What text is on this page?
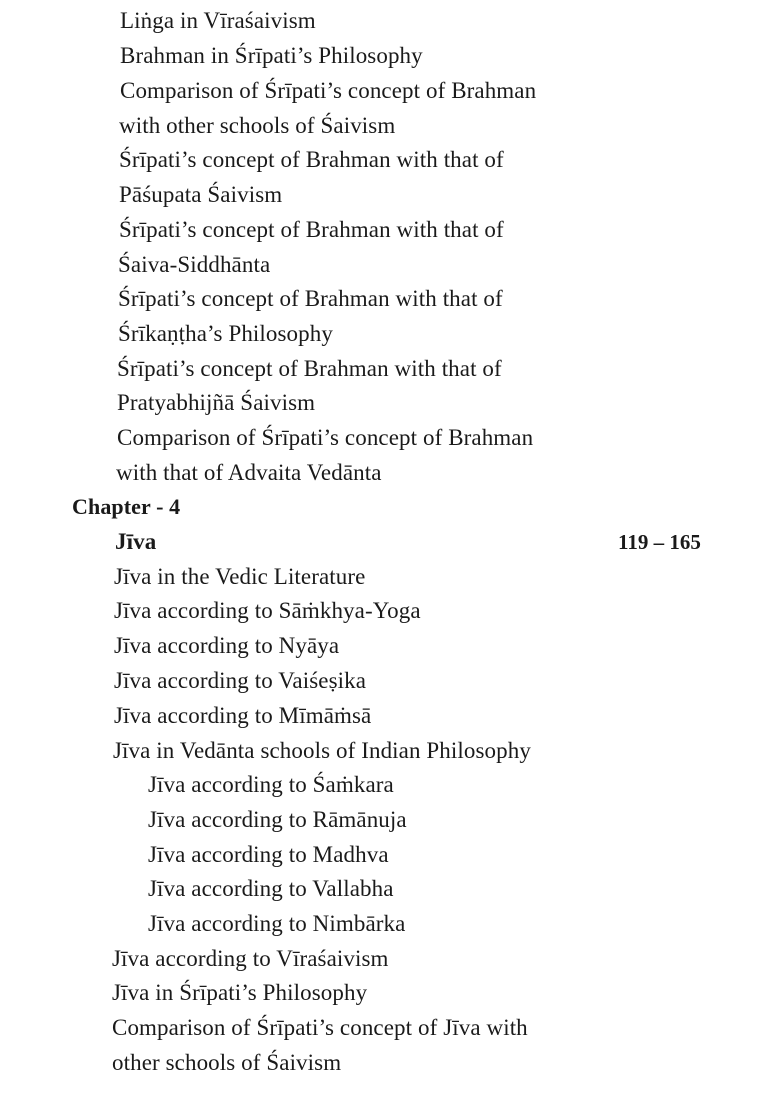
Liṅga in Vīraśaivism
Brahman in Śrīpati’s Philosophy
Comparison of Śrīpati’s concept of Brahman
with other schools of Śaivism
Śrīpati’s concept of Brahman with that of
Pāśupata Śaivism
Śrīpati’s concept of Brahman with that of
Śaiva-Siddhānta
Śrīpati’s concept of Brahman with that of
Śrīkaṇṭha’s Philosophy
Śrīpati’s concept of Brahman with that of
Pratyabhijñā Śaivism
Comparison of Śrīpati’s concept of Brahman
with that of Advaita Vedānta
Chapter - 4
Jīva	119 – 165
Jīva in the Vedic Literature
Jīva according to Sāṁkhya-Yoga
Jīva according to Nyāya
Jīva according to Vaiśeṣika
Jīva according to Mīmāṁsā
Jīva in Vedānta schools of Indian Philosophy
Jīva according to Śaṁkara
Jīva according to Rāmānuja
Jīva according to Madhva
Jīva according to Vallabha
Jīva according to Nimbārka
Jīva according to Vīraśaivism
Jīva in Śrīpati’s Philosophy
Comparison of Śrīpati’s concept of Jīva with
other schools of Śaivism
